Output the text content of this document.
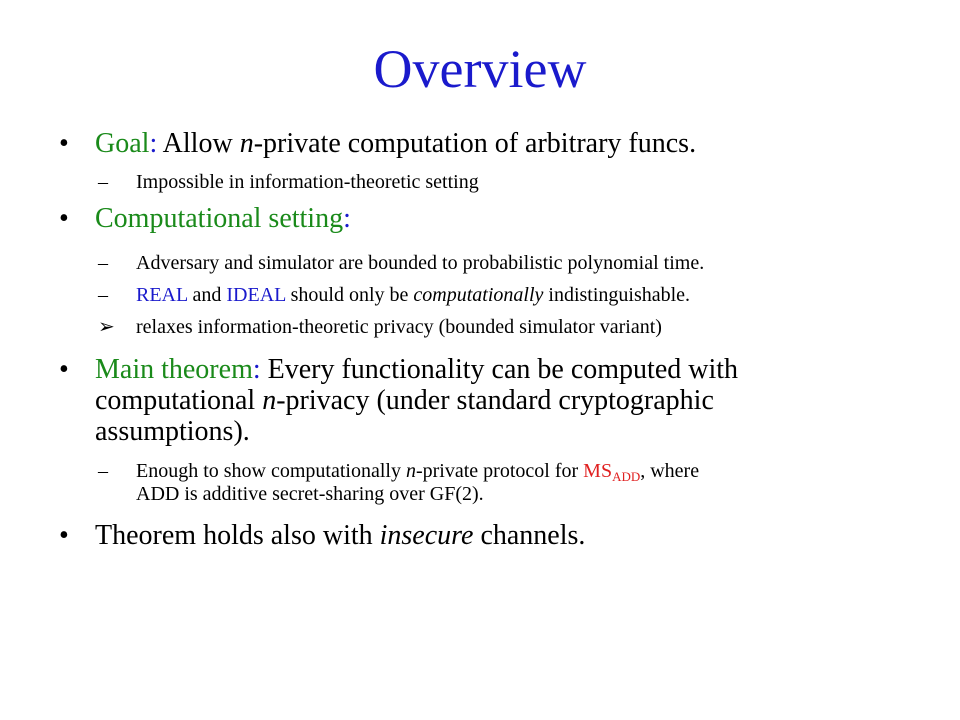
Overview
• Goal: Allow n-private computation of arbitrary funcs.
– Impossible in information-theoretic setting
• Computational setting:
– Adversary and simulator are bounded to probabilistic polynomial time.
– REAL and IDEAL should only be computationally indistinguishable.
➢ relaxes information-theoretic privacy (bounded simulator variant)
• Main theorem: Every functionality can be computed with
computational n-privacy (under standard cryptographic
assumptions).
– Enough to show computationally n-private protocol for $MS_{ADD}$, where
ADD is additive secret-sharing over GF(2).
• Theorem holds also with insecure channels.
